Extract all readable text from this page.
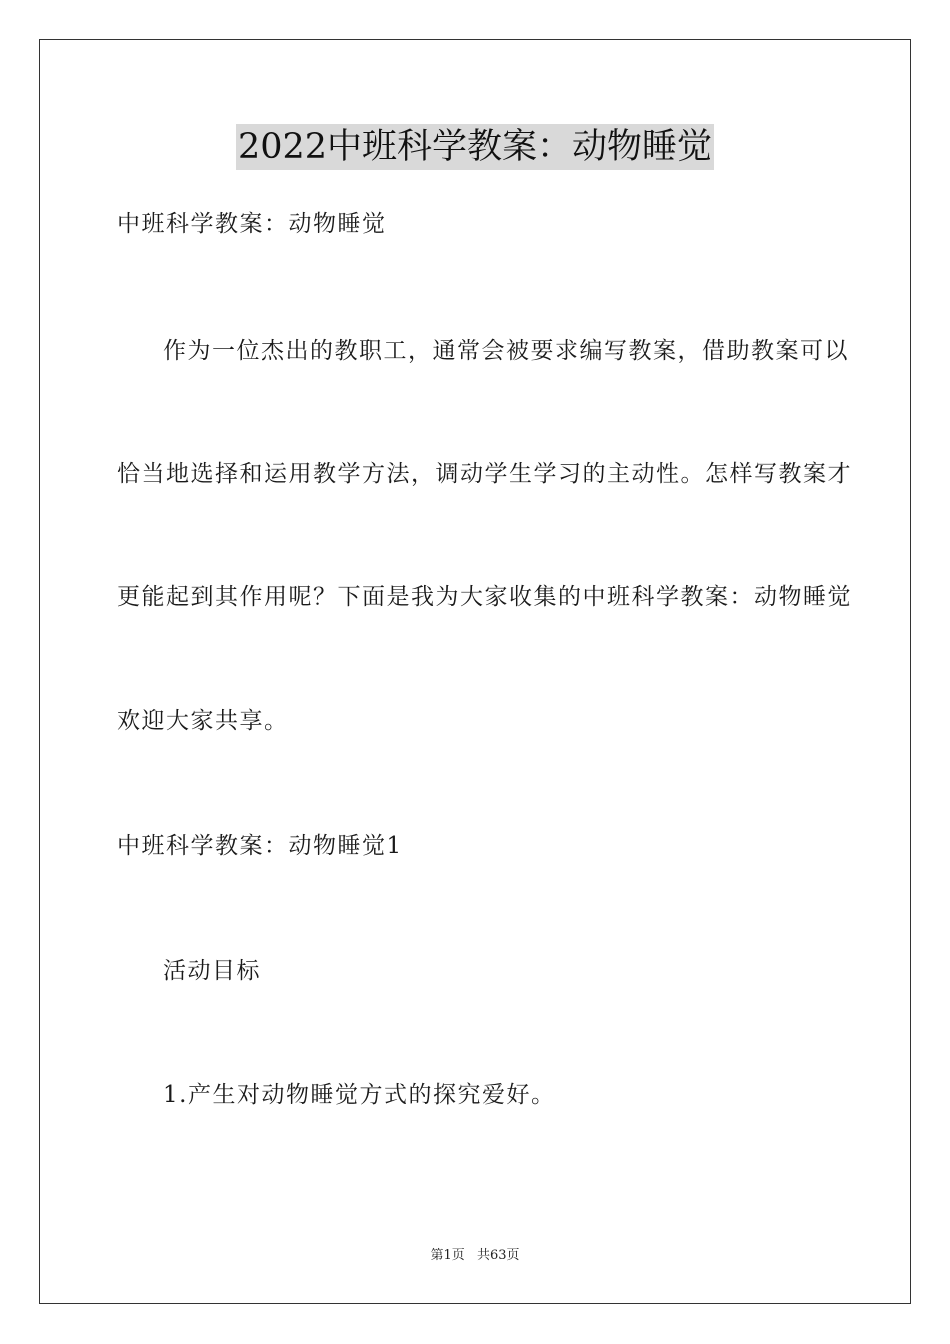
2022中班科学教案：动物睡觉
中班科学教案：动物睡觉
作为一位杰出的教职工，通常会被要求编写教案，借助教案可以
恰当地选择和运用教学方法，调动学生学习的主动性。怎样写教案才
更能起到其作用呢？下面是我为大家收集的中班科学教案：动物睡觉
欢迎大家共享。
中班科学教案：动物睡觉1
活动目标
1.产生对动物睡觉方式的探究爱好。
第1页 共63页
